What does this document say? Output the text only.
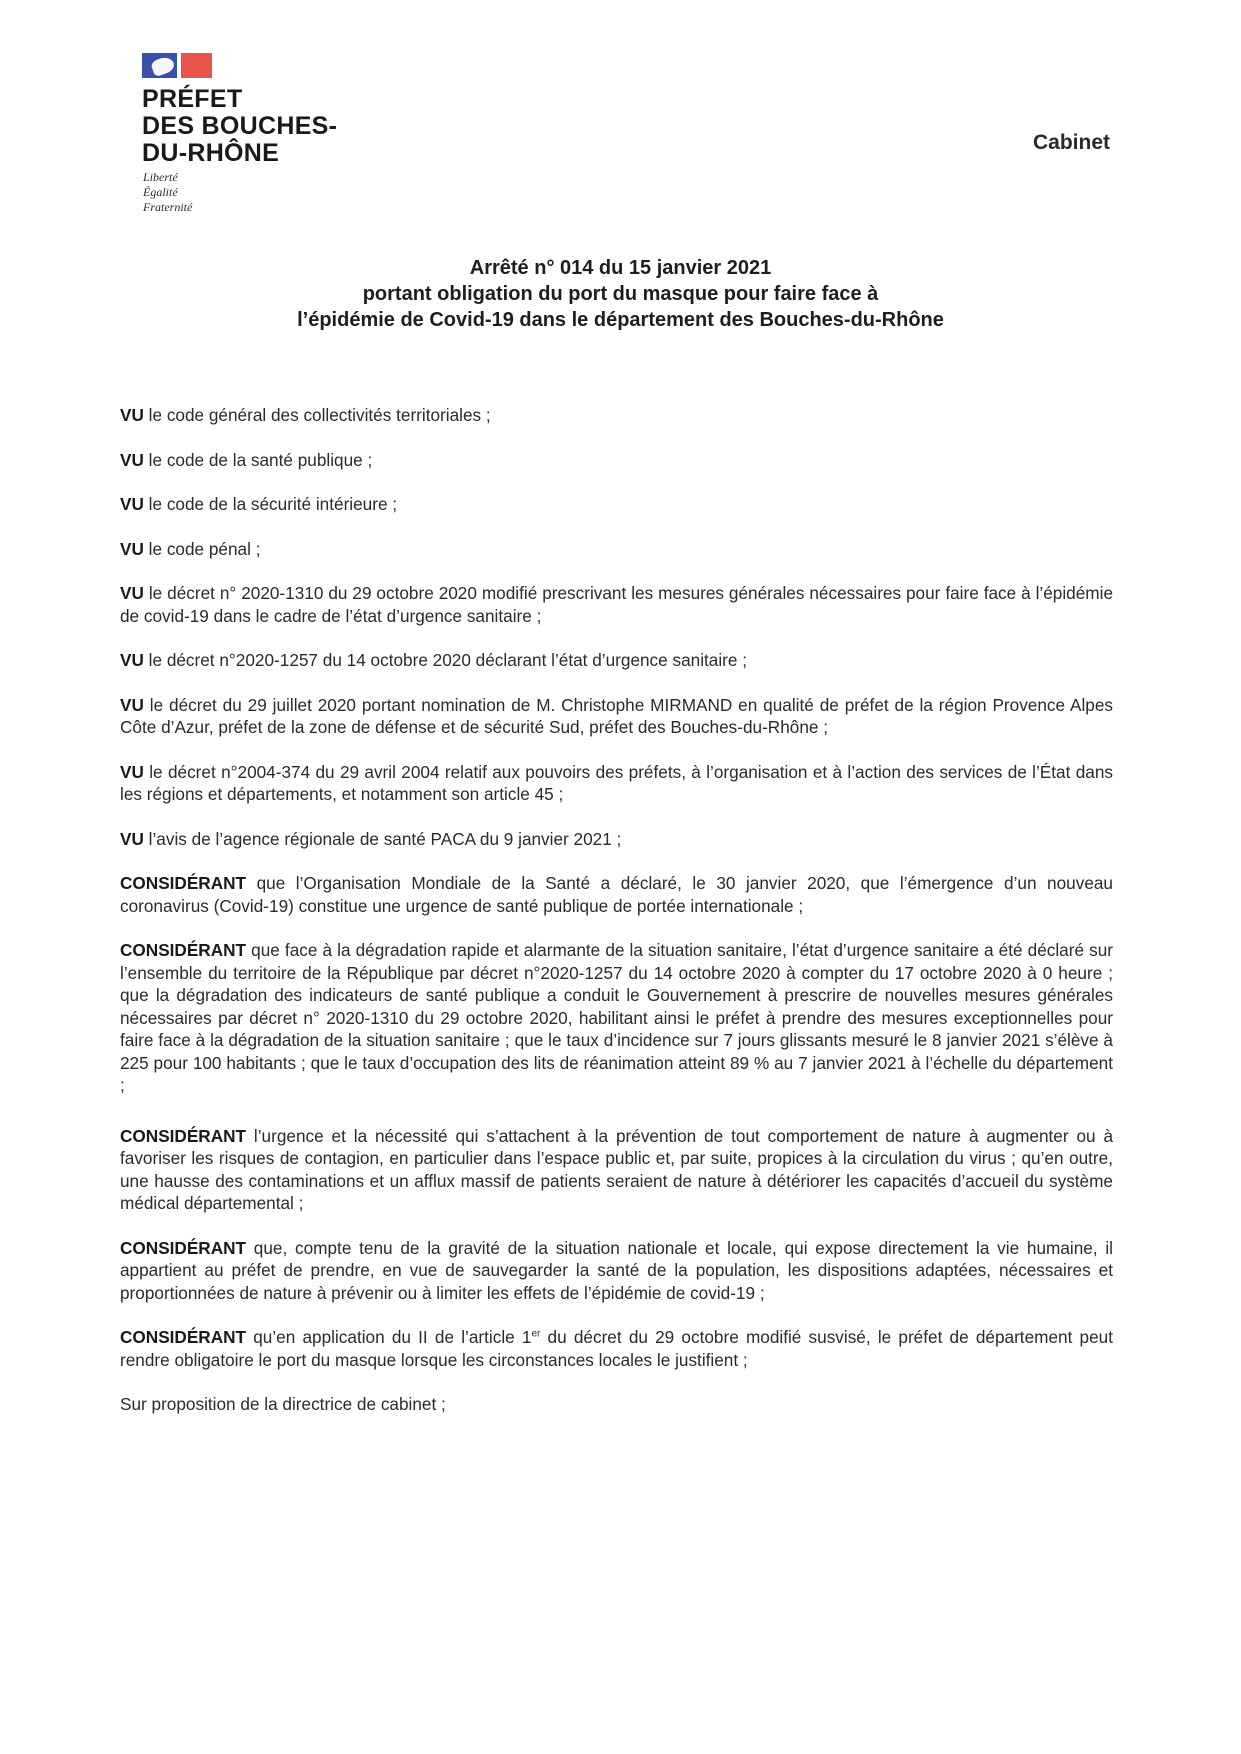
PRÉFET
DES BOUCHES-
DU-RHÔNE
Liberté
Égalité
Fraternité
Cabinet
Arrêté n° 014 du 15 janvier 2021
portant obligation du port du masque pour faire face à
l’épidémie de Covid-19 dans le département des Bouches-du-Rhône

VU le code général des collectivités territoriales ;

VU le code de la santé publique ;

VU le code de la sécurité intérieure ;

VU le code pénal ;

VU le décret n° 2020-1310 du 29 octobre 2020 modifié prescrivant les mesures générales nécessaires pour faire face à l’épidémie de covid-19 dans le cadre de l’état d’urgence sanitaire ;

VU le décret n°2020-1257 du 14 octobre 2020 déclarant l’état d’urgence sanitaire ;

VU le décret du 29 juillet 2020 portant nomination de M. Christophe MIRMAND en qualité de préfet de la région Provence Alpes Côte d’Azur, préfet de la zone de défense et de sécurité Sud, préfet des Bouches-du-Rhône ;

VU le décret n°2004-374 du 29 avril 2004 relatif aux pouvoirs des préfets, à l’organisation et à l’action des services de l’État dans les régions et départements, et notamment son article 45 ;

VU l’avis de l’agence régionale de santé PACA du 9 janvier 2021 ;

CONSIDÉRANT que l’Organisation Mondiale de la Santé a déclaré, le 30 janvier 2020, que l’émergence d’un nouveau coronavirus (Covid-19) constitue une urgence de santé publique de portée internationale ;

CONSIDÉRANT que face à la dégradation rapide et alarmante de la situation sanitaire, l’état d’urgence sanitaire a été déclaré sur l’ensemble du territoire de la République par décret n°2020-1257 du 14 octobre 2020 à compter du 17 octobre 2020 à 0 heure ; que la dégradation des indicateurs de santé publique a conduit le Gouvernement à prescrire de nouvelles mesures générales nécessaires par décret n° 2020-1310 du 29 octobre 2020, habilitant ainsi le préfet à prendre des mesures exceptionnelles pour faire face à la dégradation de la situation sanitaire ; que le taux d’incidence sur 7 jours glissants mesuré le 8 janvier 2021 s’élève à 225 pour 100 habitants ; que le taux d’occupation des lits de réanimation atteint 89 % au 7 janvier 2021 à l’échelle du département ;

CONSIDÉRANT l’urgence et la nécessité qui s’attachent à la prévention de tout comportement de nature à augmenter ou à favoriser les risques de contagion, en particulier dans l’espace public et, par suite, propices à la circulation du virus ; qu’en outre, une hausse des contaminations et un afflux massif de patients seraient de nature à détériorer les capacités d’accueil du système médical départemental ;

CONSIDÉRANT que, compte tenu de la gravité de la situation nationale et locale, qui expose directement la vie humaine, il appartient au préfet de prendre, en vue de sauvegarder la santé de la population, les dispositions adaptées, nécessaires et proportionnées de nature à prévenir ou à limiter les effets de l’épidémie de covid-19 ;

CONSIDÉRANT qu’en application du II de l’article 1er du décret du 29 octobre modifié susvisé, le préfet de département peut rendre obligatoire le port du masque lorsque les circonstances locales le justifient ;

Sur proposition de la directrice de cabinet ;
